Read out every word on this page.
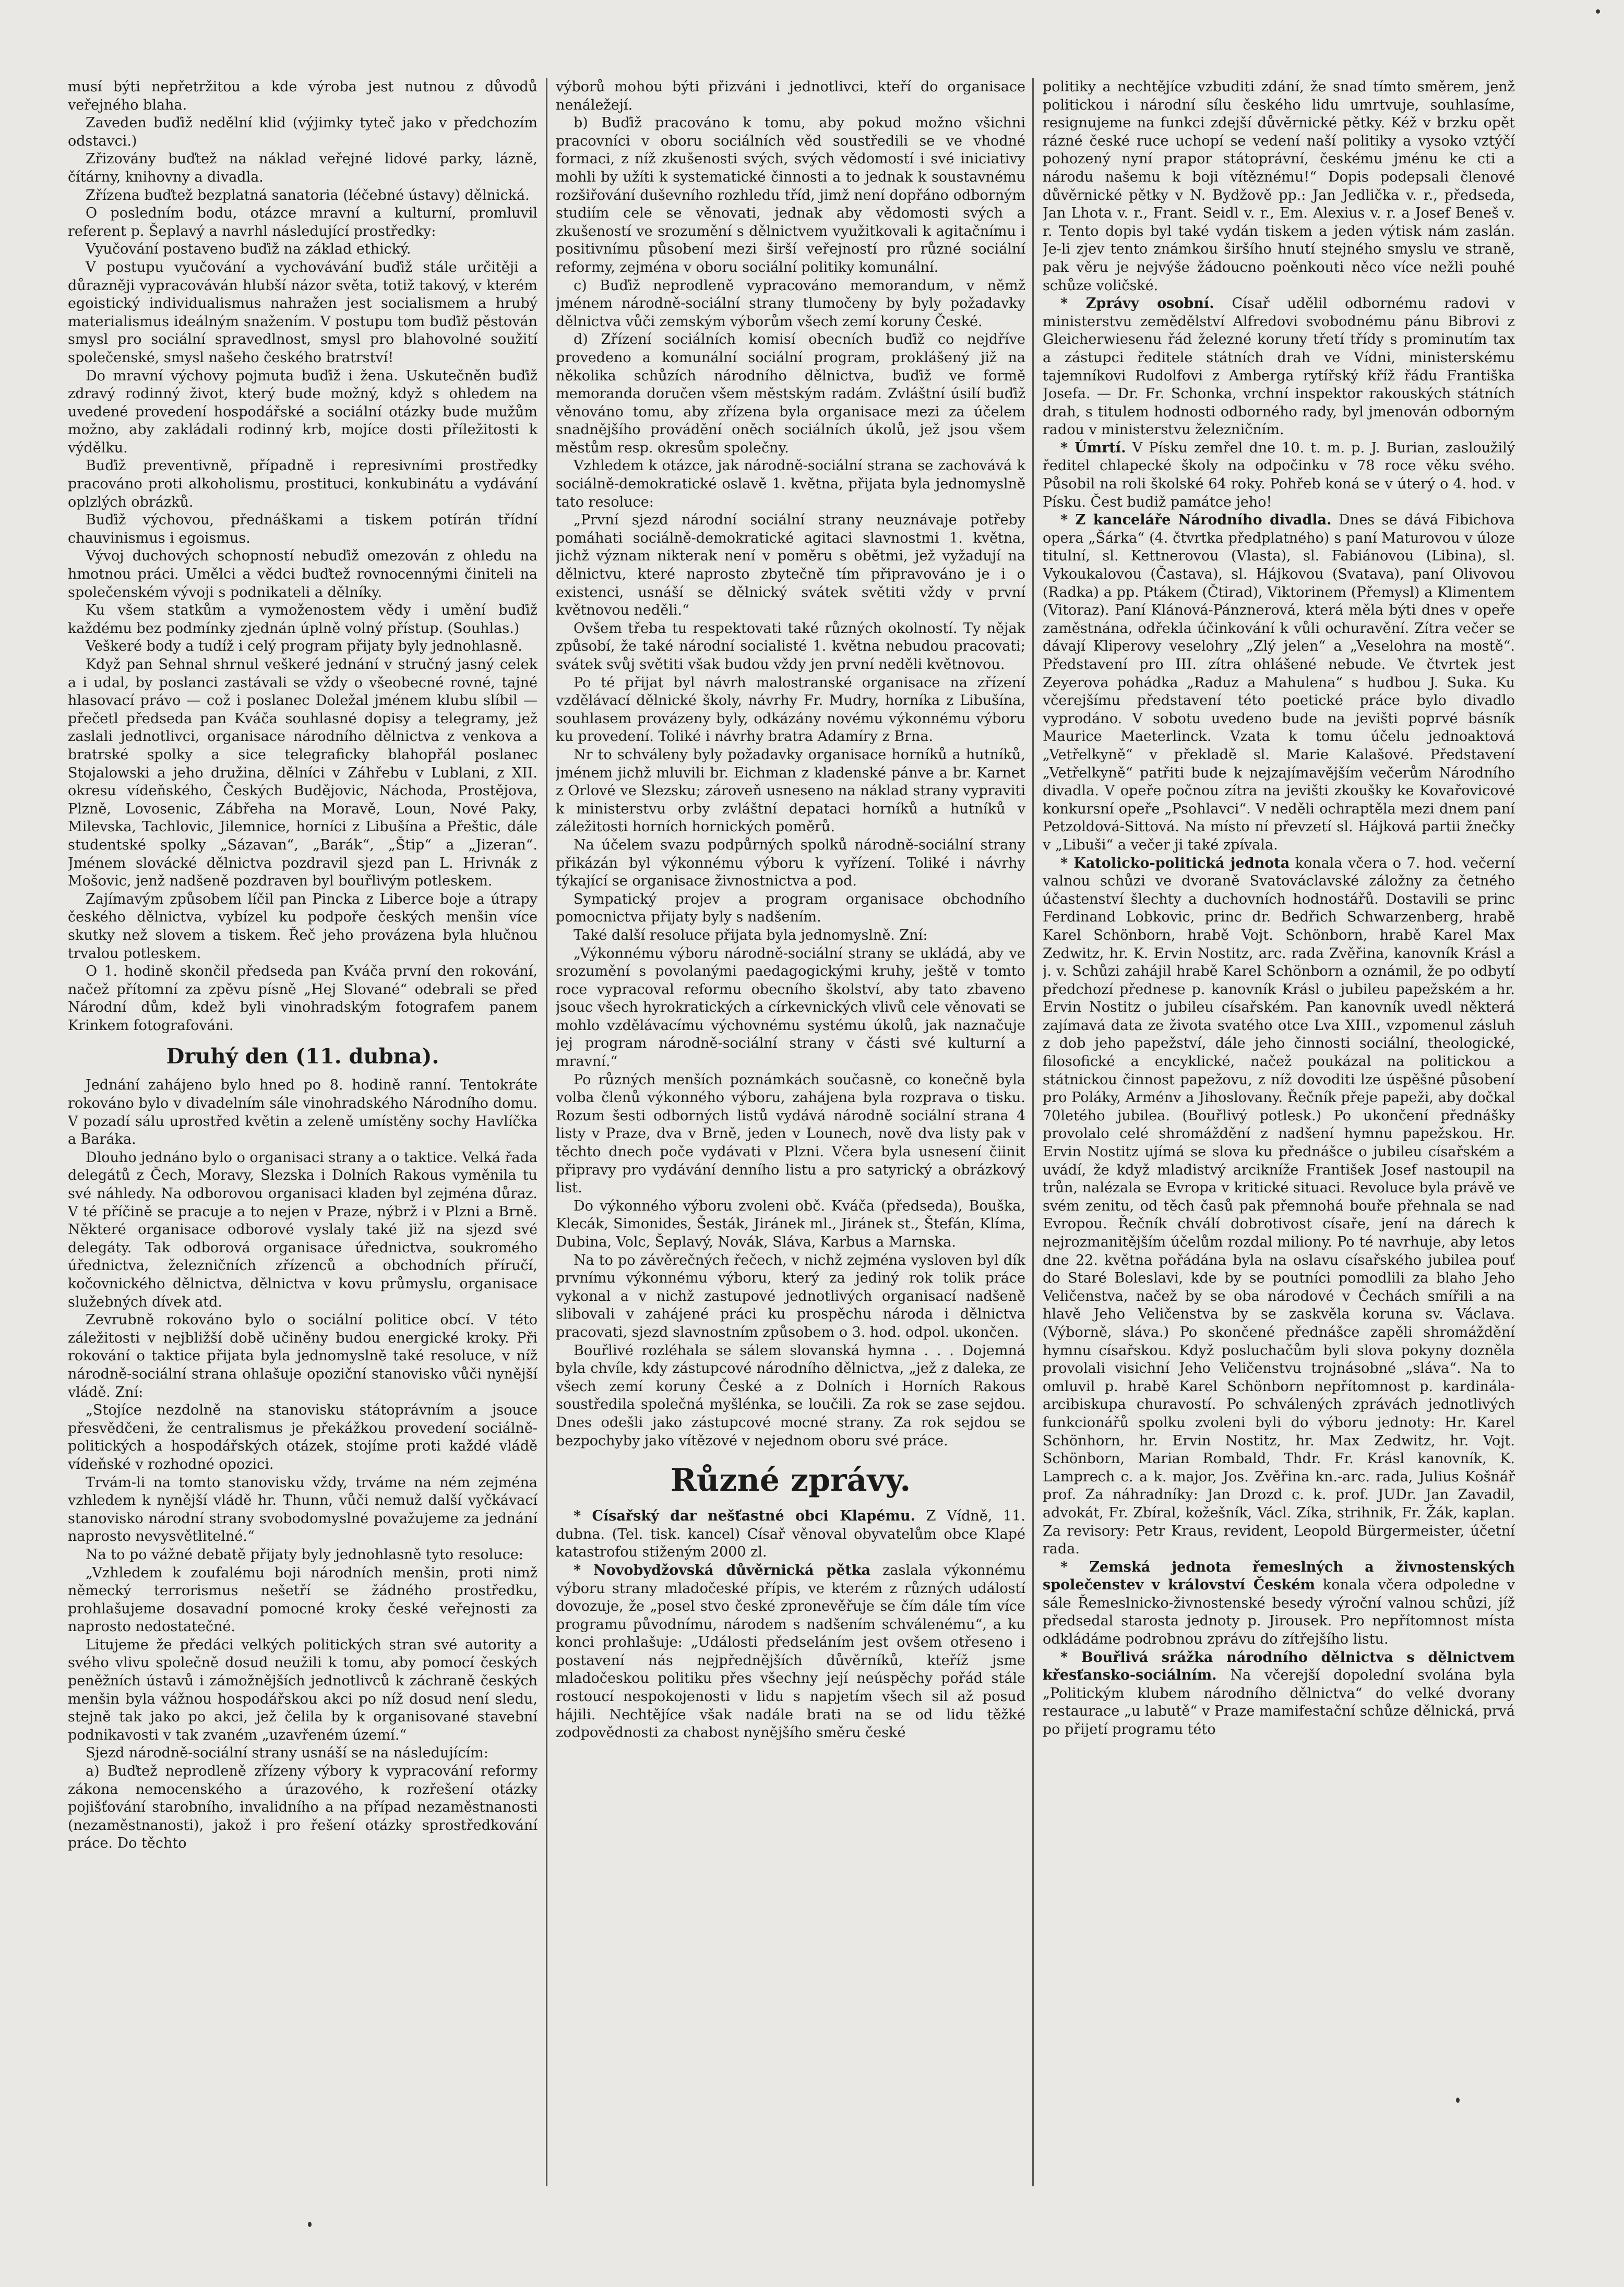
musí býti nepřetržitou a kde výroba jest nutnou z důvodů veřejného blaha.

Zaveden buďiž nedělní klid (výjimky tyteč jako v předchozím odstavci.)

Zřizovány buďtež na náklad veřejné lidové parky, lázně, čítárny, knihovny a divadla.

Zřízena buďtež bezplatná sanatoria (léčebné ústavy) dělnická.

O posledním bodu, otázce mravní a kulturní, promluvil referent p. Šeplavý a navrhl následující prostředky:

Vyučování postaveno buďiž na základ ethický.

V postupu vyučování a vychovávání buďiž stále určitěji a důrazněji vypracováván hlubší názor světa, totiž takový, v kterém egoistický individualismus nahražen jest socialismem a hrubý materialismus ideálným snažením. V postupu tom buďiž pěstován smysl pro sociální spravedlnost, smysl pro blahovolné soužití společenské, smysl našeho českého bratrství!

Do mravní výchovy pojmuta buďiž i žena. Uskutečněn buďiž zdravý rodinný život, který bude možný, když s ohledem na uvedené provedení hospodářské a sociální otázky bude mužům možno, aby zakládali rodinný krb, mojíce dosti příležitosti k výdělku.

Buďiž preventivně, případně i represivními prostředky pracováno proti alkoholismu, prostituci, konkubinátu a vydávání oplzlých obrázků.

Buďiž výchovou, přednáškami a tiskem potírán třídní chauvinismus i egoismus.

Vývoj duchových schopností nebuďiž omezován z ohledu na hmotnou práci. Umělci a vědci buďtež rovnocennými činiteli na společenském vývoji s podnikateli a dělníky.

Ku všem statkům a vymoženostem vědy i umění buďiž každému bez podmínky zjednán úplně volný přístup. (Souhlas.)

Veškeré body a tudíž i celý program přijaty byly jednohlasně.

Když pan Sehnal shrnul veškeré jednání v stručný jasný celek a i udal, by poslanci zastávali se vždy o všeobecné rovné, tajné hlasovací právo — což i poslanec Doležal jménem klubu slíbil — přečetl předseda pan Kváča souhlasné dopisy a telegramy, jež zaslali jednotlivci, organisace národního dělnictva z venkova a bratrské spolky a sice telegraficky blahopřál poslanec Stojalowski a jeho družina, dělníci v Záhřebu v Lublani, z XII. okresu vídeňského, Českých Budějovic, Náchoda, Prostějova, Plzně, Lovosenic, Zábřeha na Moravě, Loun, Nové Paky, Milevska, Tachlovic, Jilemnice, horníci z Libušína a Přeštic, dále studentské spolky „Sázavan“, „Barák“, „Štip“ a „Jizeran“. Jménem slovácké dělnictva pozdravil sjezd pan L. Hrivnák z Mošovic, jenž nadšeně pozdraven byl bouřlivým potleskem.

Zajímavým způsobem líčil pan Pincka z Liberce boje a útrapy českého dělnictva, vybízel ku podpoře českých menšin více skutky než slovem a tiskem. Řeč jeho provázena byla hlučnou trvalou potleskem.

O 1. hodině skončil předseda pan Kváča první den rokování, načež přítomní za zpěvu písně „Hej Slované“ odebrali se před Národní dům, kdež byli vinohradským fotografem panem Krinkem fotografováni.

Druhý den (11. dubna).

Jednání zahájeno bylo hned po 8. hodině ranní. Tentokráte rokováno bylo v divadelním sále vinohradského Národního domu. V pozadí sálu uprostřed květin a zeleně umístěny sochy Havlíčka a Baráka.

Dlouho jednáno bylo o organisaci strany a o taktice. Velká řada delegátů z Čech, Moravy, Slezska i Dolních Rakous vyměnila tu své náhledy. Na odborovou organisaci kladen byl zejména důraz. V té příčině se pracuje a to nejen v Praze, nýbrž i v Plzni a Brně. Některé organisace odborové vyslaly také již na sjezd své delegáty. Tak odborová organisace úřednictva, soukromého úřednictva, železničních zřízenců a obchodních příručí, kočovnického dělnictva, dělnictva v kovu průmyslu, organisace služebných dívek atd.

Zevrubně rokováno bylo o sociální politice obcí. V této záležitosti v nejbližší době učiněny budou energické kroky. Při rokování o taktice přijata byla jednomyslně také resoluce, v níž národně-sociální strana ohlašuje opoziční stanovisko vůči nynější vládě. Zní:

„Stojíce nezdolně na stanovisku státoprávním a jsouce přesvědčeni, že centralismus je překážkou provedení sociálně-politických a hospodářských otázek, stojíme proti každé vládě vídeňské v rozhodné opozici.

Trvám-li na tomto stanovisku vždy, trváme na ném zejména vzhledem k nynější vládě hr. Thunn, vůči nemuž další vyčkávací stanovisko národní strany svobodomyslné považujeme za jednání naprosto nevysvětlitelné.“

Na to po vážné debatě přijaty byly jednohlasně tyto resoluce:

„Vzhledem k zoufalému boji národních menšin, proti nimž německý terrorismus nešetří se žádného prostředku, prohlašujeme dosavadní pomocné kroky české veřejnosti za naprosto nedostatečné.

Litujeme že předáci velkých politických stran své autority a svého vlivu společně dosud neužili k tomu, aby pomocí českých peněžních ústavů i zámožnějších jednotlivců k záchraně českých menšin byla vážnou hospodářskou akci po níž dosud není sledu, stejně tak jako po akci, jež čelila by k organisované stavební podnikavosti v tak zvaném „uzavřeném území.“

Sjezd národně-sociální strany usnáší se na následujícím:

a) Buďtež neprodleně zřízeny výbory k vypracování reformy zákona nemocenského a úrazového, k rozřešení otázky pojišťování starobního, invalidního a na případ nezaměstnanosti (nezaměstnanosti), jakož i pro řešení otázky sprostředkování práce. Do těchto

výborů mohou býti přizváni i jednotlivci, kteří do organisace nenáležejí.

b) Buďiž pracováno k tomu, aby pokud možno všichni pracovníci v oboru sociálních věd soustředili se ve vhodné formaci, z níž zkušenosti svých, svých vědomostí i své iniciativy mohli by užíti k systematické činnosti a to jednak k soustavnému rozšiřování duševního rozhledu tříd, jimž není dopřáno odborným studiím cele se věnovati, jednak aby vědomosti svých a zkušeností ve srozumění s dělnictvem využitkovali k agitačnímu i positivnímu působení mezi širší veřejností pro různé sociální reformy, zejména v oboru sociální politiky komunální.

c) Buďiž neprodleně vypracováno memorandum, v němž jménem národně-sociální strany tlumočeny by byly požadavky dělnictva vůči zemským výborům všech zemí koruny České.

d) Zřízení sociálních komisí obecních buďiž co nejdříve provedeno a komunální sociální program, proklášený již na několika schůzích národního dělnictva, buďiž ve formě memoranda doručen všem městským radám. Zvláštní úsilí buďiž věnováno tomu, aby zřízena byla organisace mezi za účelem snadnějšího provádění oněch sociálních úkolů, jež jsou všem městům resp. okresům společny.

Vzhledem k otázce, jak národně-sociální strana se zachovává k sociálně-demokratické oslavě 1. května, přijata byla jednomyslně tato resoluce:

„První sjezd národní sociální strany neuznávaje potřeby pomáhati sociálně-demokratické agitaci slavnostmi 1. května, jichž význam nikterak není v poměru s obětmi, jež vyžadují na dělnictvu, které naprosto zbytečně tím připravováno je i o existenci, usnáší se dělnický svátek světiti vždy v první květnovou neděli.“

Ovšem třeba tu respektovati také různých okolností. Ty nějak způsobí, že také národní socialisté 1. května nebudou pracovati; svátek svůj světiti však budou vždy jen první neděli květnovou.

Po té přijat byl návrh malostranské organisace na zřízení vzdělávací dělnické školy, návrhy Fr. Mudry, horníka z Libušína, souhlasem provázeny byly, odkázány novému výkonnému výboru ku provedení. Toliké i návrhy bratra Adamíry z Brna.

Nr to schváleny byly požadavky organisace horníků a hutníků, jménem jichž mluvili br. Eichman z kladenské pánve a br. Karnet z Orlové ve Slezsku; zároveň usneseno na náklad strany vypraviti k ministerstvu orby zvláštní depataci horníků a hutníků v záležitosti horních hornických poměrů.

Na účelem svazu podpůrných spolků národně-sociální strany přikázán byl výkonnému výboru k vyřízení. Toliké i návrhy týkající se organisace živnostnictva a pod.

Sympatický projev a program organisace obchodního pomocnictva přijaty byly s nadšením.

Také další resoluce přijata byla jednomyslně. Zní:

„Výkonnému výboru národně-sociální strany se ukládá, aby ve srozumění s povolanými paedagogickými kruhy, ještě v tomto roce vypracoval reformu obecního školství, aby tato zbaveno jsouc všech hyrokratických a církevnických vlivů cele věnovati se mohlo vzdělávacímu výchovnému systému úkolů, jak naznačuje jej program národně-sociální strany v části své kulturní a mravní.“

Po různých menších poznámkách současně, co konečně byla volba členů výkonného výboru, zahájena byla rozprava o tisku. Rozum šesti odborných listů vydává národně sociální strana 4 listy v Praze, dva v Brně, jeden v Lounech, nově dva listy pak v těchto dnech poče vydávati v Plzni. Včera byla usnesení čiinit připravy pro vydávání denního listu a pro satyrický a obrázkový list.

Do výkonného výboru zvoleni obč. Kváča (předseda), Bouška, Klecák, Simonides, Šesták, Jiránek ml., Jiránek st., Štefán, Klíma, Dubina, Volc, Šeplavý, Novák, Sláva, Karbus a Marnska.

Na to po závěrečných řečech, v nichž zejména vysloven byl dík prvnímu výkonnému výboru, který za jediný rok tolik práce vykonal a v nichž zastupové jednotlivých organisací nadšeně slibovali v zahájené práci ku prospěchu národa i dělnictva pracovati, sjezd slavnostním způsobem o 3. hod. odpol. ukončen.

Bouřlivé rozléhala se sálem slovanská hymna . . . Dojemná byla chvíle, kdy zástupcové národního dělnictva, „jež z daleka, ze všech zemí koruny České a z Dolních i Horních Rakous soustředila společná myšlénka, se loučili. Za rok se zase sejdou. Dnes odešli jako zástupcové mocné strany. Za rok sejdou se bezpochyby jako vítězové v nejednom oboru své práce.

Různé zprávy.

* Císařský dar nešťastné obci Klapému. Z Vídně, 11. dubna. (Tel. tisk. kancel) Císař věnoval obyvatelům obce Klapé katastrofou stiženým 2000 zl.

* Novobydžovská důvěrnická pětka zaslala výkonnému výboru strany mladočeské přípis, ve kterém z různých událostí dovozuje, že „posel stvo české zpronevěřuje se čím dále tím více programu původnímu, národem s nadšením schválenému“, a ku konci prohlašuje: „Události předseláním jest ovšem otřeseno i postavení nás nejpřednějších důvěrníků, kteříž jsme mladočeskou politiku přes všechny její neúspěchy pořád stále rostoucí nespokojenosti v lidu s napjetím všech sil až posud hájili. Nechtějíce však nadále brati na se od lidu těžké zodpovědnosti za chabost nynějšího směru české

politiky a nechtějíce vzbuditi zdání, že snad tímto směrem, jenž politickou i národní sílu českého lidu umrtvuje, souhlasíme, resignujeme na funkci zdejší důvěrnické pětky. Kéž v brzku opět rázné české ruce uchopí se vedení naší politiky a vysoko vztýčí pohozený nyní prapor státoprávní, českému jménu ke cti a národu našemu k boji vítěznému!“ Dopis podepsali členové důvěrnické pětky v N. Bydžově pp.: Jan Jedlička v. r., předseda, Jan Lhota v. r., Frant. Seidl v. r., Em. Alexius v. r. a Josef Beneš v. r. Tento dopis byl také vydán tiskem a jeden výtisk nám zaslán. Je-li zjev tento známkou širšího hnutí stejného smyslu ve straně, pak věru je nejvýše žádoucno poěnkouti něco více nežli pouhé schůze voličské.

* Zprávy osobní. Císař udělil odbornému radovi v ministerstvu zemědělství Alfredovi svobodnému pánu Bibrovi z Gleicherwiesenu řád železné koruny třetí třídy s prominutím tax a zástupci ředitele státních drah ve Vídni, ministerskému tajemníkovi Rudolfovi z Amberga rytířský kříž řádu Františka Josefa. — Dr. Fr. Schonka, vrchní inspektor rakouských státních drah, s titulem hodnosti odborného rady, byl jmenován odborným radou v ministerstvu železničním.

* Úmrtí. V Písku zemřel dne 10. t. m. p. J. Burian, zasloužilý ředitel chlapecké školy na odpočinku v 78 roce věku svého. Působil na roli školské 64 roky. Pohřeb koná se v úterý o 4. hod. v Písku. Čest budiž památce jeho!

* Z kanceláře Národního divadla. Dnes se dává Fibichova opera „Šárka“ (4. čtvrtka předplatného) s paní Maturovou v úloze titulní, sl. Kettnerovou (Vlasta), sl. Fabiánovou (Libina), sl. Vykoukalovou (Častava), sl. Hájkovou (Svatava), paní Olivovou (Radka) a pp. Ptákem (Čtirad), Viktorinem (Přemysl) a Klimentem (Vitoraz). Paní Klánová-Pánznerová, která měla býti dnes v opeře zaměstnána, odřekla účinkování k vůli ochuravění. Zítra večer se dávají Kliperovy veselohry „Zlý jelen“ a „Veselohra na mostě“. Představení pro III. zítra ohlášené nebude. Ve čtvrtek jest Zeyerova pohádka „Raduz a Mahulena“ s hudbou J. Suka. Ku včerejšímu představení této poetické práce bylo divadlo vyprodáno. V sobotu uvedeno bude na jevišti poprvé básník Maurice Maeterlinck. Vzata k tomu účelu jednoaktová „Vetřelkyně“ v překladě sl. Marie Kalašové. Představení „Vetřelkyně“ patřiti bude k nejzajímavějším večerům Národního divadla. V opeře počnou zítra na jevišti zkoušky ke Kovařovicové konkursní opeře „Psohlavci“. V neděli ochraptěla mezi dnem paní Petzoldová-Sittová. Na místo ní převzetí sl. Hájková partii žnečky v „Libuši“ a večer ji také zpívala.

* Katolicko-politická jednota konala včera o 7. hod. večerní valnou schůzi ve dvoraně Svatováclavské záložny za četného účastenství šlechty a duchovních hodnostářů. Dostavili se princ Ferdinand Lobkovic, princ dr. Bedřich Schwarzenberg, hrabě Karel Schönborn, hrabě Vojt. Schönborn, hrabě Karel Max Zedwitz, hr. K. Ervin Nostitz, arc. rada Zvěřina, kanovník Krásl a j. v. Schůzi zahájil hrabě Karel Schönborn a oznámil, že po odbytí předchozí přednese p. kanovník Krásl o jubileu papežském a hr. Ervin Nostitz o jubileu císařském. Pan kanovník uvedl některá zajímavá data ze života svatého otce Lva XIII., vzpomenul zásluh z dob jeho papežství, dále jeho činnosti sociální, theologické, filosofické a encyklické, načež poukázal na politickou a státnickou činnost papežovu, z níž dovoditi lze úspěšné působení pro Poláky, Arménv a Jihoslovany. Řečník přeje papeži, aby dočkal 70letého jubilea. (Bouřlivý potlesk.) Po ukončení přednášky provolalo celé shromáždění z nadšení hymnu papežskou. Hr. Ervin Nostitz ujímá se slova ku přednášce o jubileu císařském a uvádí, že když mladistvý arcikníže František Josef nastoupil na trůn, nalézala se Evropa v kritické situaci. Revoluce byla právě ve svém zenitu, od těch časů pak přemnohá bouře přehnala se nad Evropou. Řečník chválí dobrotivost císaře, jení na dárech k nejrozmanitějším účelům rozdal miliony. Po té navrhuje, aby letos dne 22. května pořádána byla na oslavu císařského jubilea pouť do Staré Boleslavi, kde by se poutníci pomodlili za blaho Jeho Veličenstva, načež by se oba národové v Čechách smířili a na hlavě Jeho Veličenstva by se zaskvěla koruna sv. Václava. (Výborně, sláva.) Po skončené přednášce zapěli shromáždění hymnu císařskou. Když posluchačům byli slova pokyny dozněla provolali visichní Jeho Veličenstvu trojnásobné „sláva“. Na to omluvil p. hrabě Karel Schönborn nepřítomnost p. kardinála-arcibiskupa churavostí. Po schválených zprávách jednotlivých funkcionářů spolku zvoleni byli do výboru jednoty: Hr. Karel Schönhorn, hr. Ervin Nostitz, hr. Max Zedwitz, hr. Vojt. Schönborn, Marian Rombald, Thdr. Fr. Krásl kanovník, K. Lamprech c. a k. major, Jos. Zvěřina kn.-arc. rada, Julius Košnář prof. Za náhradníky: Jan Drozd c. k. prof. JUDr. Jan Zavadil, advokát, Fr. Zbíral, kožešník, Václ. Zíka, strihnik, Fr. Žák, kaplan. Za revisory: Petr Kraus, revident, Leopold Bürgermeister, účetní rada.

* Zemská jednota řemeslných a živnostenských společenstev v království Českém konala včera odpoledne v sále Řemeslnicko-živnostenské besedy výroční valnou schůzi, jíž předsedal starosta jednoty p. Jirousek. Pro nepřítomnost místa odkládáme podrobnou zprávu do zítřejšího listu.

* Bouřlivá srážka národního dělnictva s dělnictvem křesťansko-sociálním. Na včerejší dopolední svolána byla „Politickým klubem národního dělnictva“ do velké dvorany restaurace „u labutě“ v Praze mamifestační schůze dělnická, prvá po přijetí programu této
